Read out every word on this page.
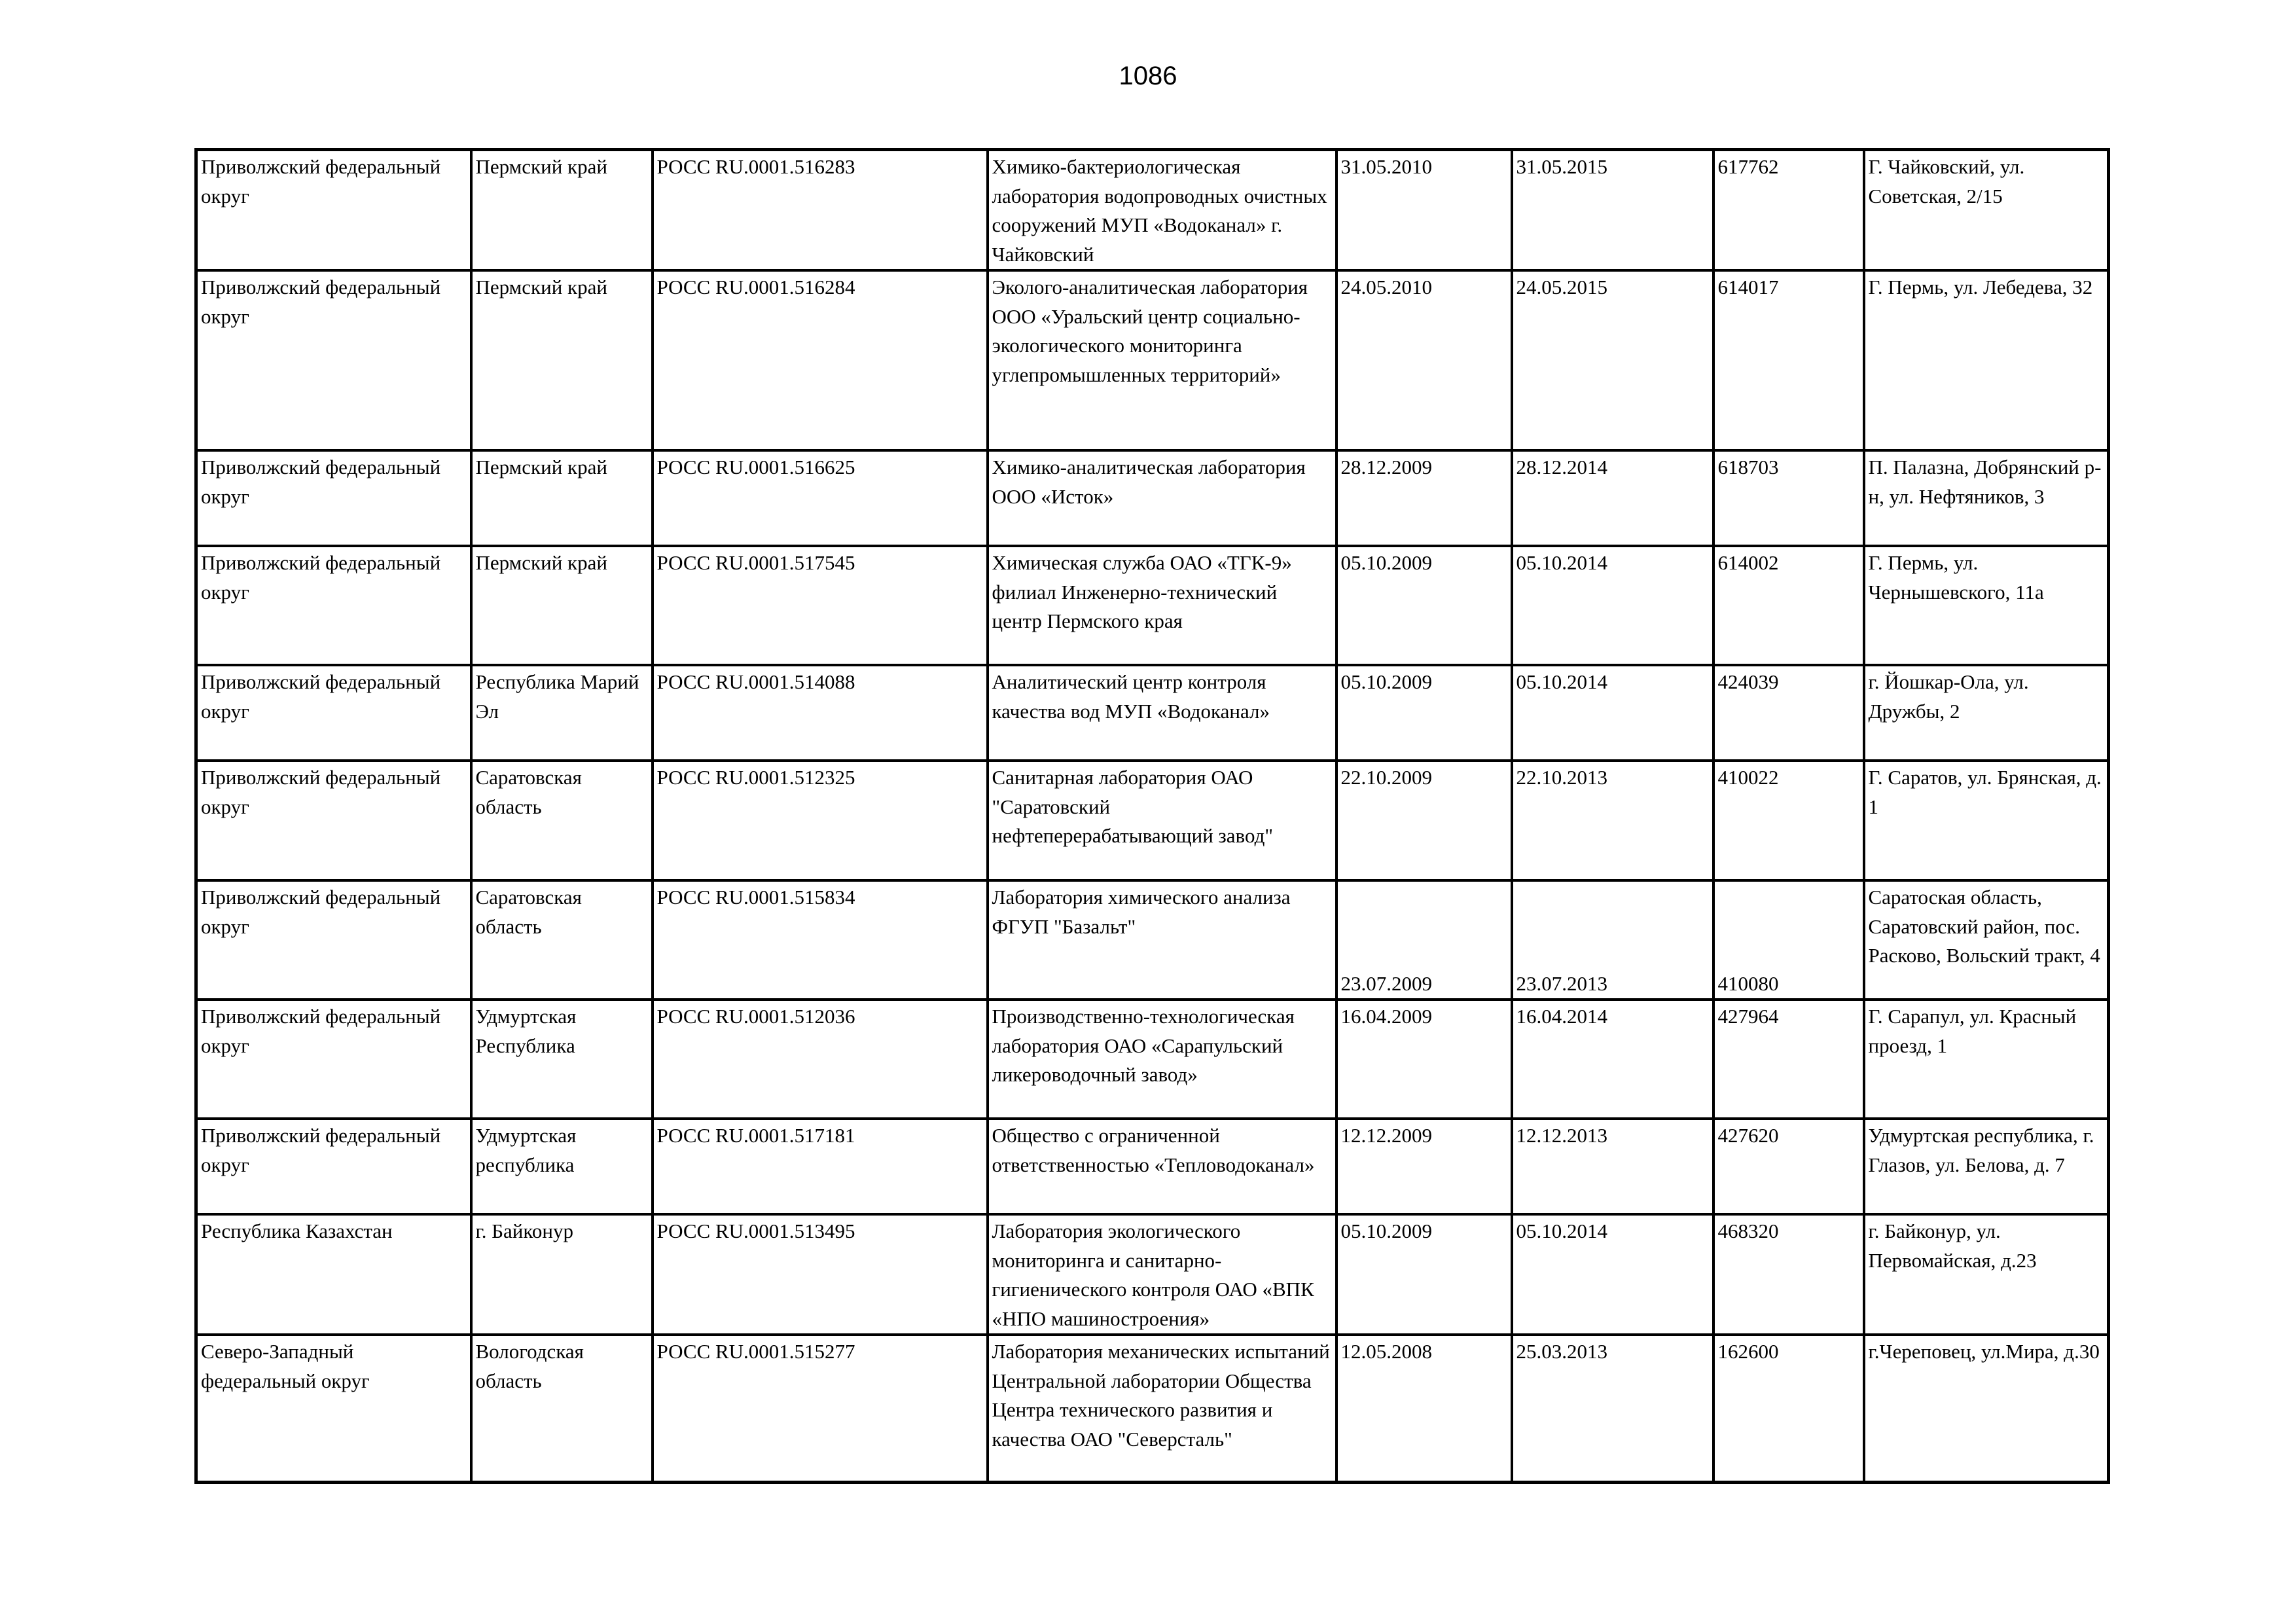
1086
Приволжский федеральный округ	Пермский край	РОСС RU.0001.516283	Химико-бактериологическая лаборатория водопроводных очистных сооружений МУП «Водоканал» г. Чайковский	31.05.2010	31.05.2015	617762	Г. Чайковский, ул. Советская, 2/15
Приволжский федеральный округ	Пермский край	РОСС RU.0001.516284	Эколого-аналитическая лаборатория ООО «Уральский центр социально-экологического мониторинга углепромышленных территорий»	24.05.2010	24.05.2015	614017	Г. Пермь, ул. Лебедева, 32
Приволжский федеральный округ	Пермский край	РОСС RU.0001.516625	Химико-аналитическая лаборатория ООО «Исток»	28.12.2009	28.12.2014	618703	П. Палазна, Добрянский р-н, ул. Нефтяников, 3
Приволжский федеральный округ	Пермский край	РОСС RU.0001.517545	Химическая служба ОАО «ТГК-9» филиал Инженерно-технический центр Пермского края	05.10.2009	05.10.2014	614002	Г. Пермь, ул. Чернышевского, 11а
Приволжский федеральный округ	Республика Марий Эл	РОСС RU.0001.514088	Аналитический центр контроля качества вод МУП «Водоканал»	05.10.2009	05.10.2014	424039	г. Йошкар-Ола, ул. Дружбы, 2
Приволжский федеральный округ	Саратовская область	РОСС RU.0001.512325	Санитарная лаборатория ОАО "Саратовский нефтеперерабатывающий завод"	22.10.2009	22.10.2013	410022	Г. Саратов, ул. Брянская, д. 1
Приволжский федеральный округ	Саратовская область	РОСС RU.0001.515834	Лаборатория химического анализа ФГУП "Базальт"	23.07.2009	23.07.2013	410080	Саратоская область, Саратовский район, пос. Расково, Вольский тракт, 4
Приволжский федеральный округ	Удмуртская Республика	РОСС RU.0001.512036	Производственно-технологическая лаборатория ОАО «Сарапульский ликероводочный завод»	16.04.2009	16.04.2014	427964	Г. Сарапул, ул. Красный проезд, 1
Приволжский федеральный округ	Удмуртская республика	РОСС RU.0001.517181	Общество с ограниченной ответственностью «Тепловодоканал»	12.12.2009	12.12.2013	427620	Удмуртская республика, г. Глазов, ул. Белова, д. 7
Республика Казахстан	г. Байконур	РОСС RU.0001.513495	Лаборатория экологического мониторинга и санитарно-гигиенического контроля ОАО «ВПК «НПО машиностроения»	05.10.2009	05.10.2014	468320	г. Байконур, ул. Первомайская, д.23
Северо-Западный федеральный округ	Вологодская область	РОСС RU.0001.515277	Лаборатория механических испытаний Центральной лаборатории Общества Центра технического развития и качества ОАО "Северсталь"	12.05.2008	25.03.2013	162600	г.Череповец, ул.Мира, д.30
